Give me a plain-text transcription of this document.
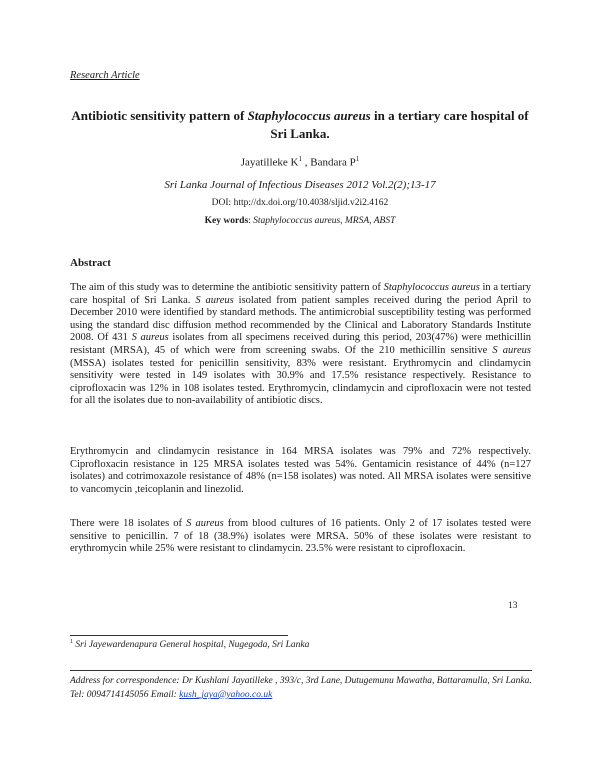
Research Article
Antibiotic sensitivity pattern of Staphylococcus aureus in a tertiary care hospital of Sri Lanka.
Jayatilleke $K^1$ , Bandara $P^1$
Sri Lanka Journal of Infectious Diseases 2012 Vol.2(2);13-17
DOI: http://dx.doi.org/10.4038/sljid.v2i2.4162
Key words: Staphylococcus aureus, MRSA, ABST
Abstract
The aim of this study was to determine the antibiotic sensitivity pattern of Staphylococcus aureus in a tertiary care hospital of Sri Lanka. S aureus isolated from patient samples received during the period April to December 2010 were identified by standard methods. The antimicrobial susceptibility testing was performed using the standard disc diffusion method recommended by the Clinical and Laboratory Standards Institute 2008. Of 431 S aureus isolates from all specimens received during this period, 203(47%) were methicillin resistant (MRSA), 45 of which were from screening swabs. Of the 210 methicillin sensitive S aureus (MSSA) isolates tested for penicillin sensitivity, 83% were resistant. Erythromycin and clindamycin sensitivity were tested in 149 isolates with 30.9% and 17.5% resistance respectively. Resistance to ciprofloxacin was 12% in 108 isolates tested. Erythromycin, clindamycin and ciprofloxacin were not tested for all the isolates due to non-availability of antibiotic discs.
Erythromycin and clindamycin resistance in 164 MRSA isolates was 79% and 72% respectively. Ciprofloxacin resistance in 125 MRSA isolates tested was 54%. Gentamicin resistance of 44% (n=127 isolates) and cotrimoxazole resistance of 48% (n=158 isolates) was noted. All MRSA isolates were sensitive to vancomycin ,teicoplanin and linezolid.
There were 18 isolates of S aureus from blood cultures of 16 patients. Only 2 of 17 isolates tested were sensitive to penicillin. 7 of 18 (38.9%) isolates were MRSA. 50% of these isolates were resistant to erythromycin while 25% were resistant to clindamycin. 23.5% were resistant to ciprofloxacin.
13
$^1$ Sri Jayewardenapura General hospital, Nugegoda, Sri Lanka
Address for correspondence: Dr Kushlani Jayatilleke , 393/c, 3rd Lane, Dutugemunu Mawatha, Battaramulla, Sri Lanka. Tel: 0094714145056 Email: kush_jaya@yahoo.co.uk
